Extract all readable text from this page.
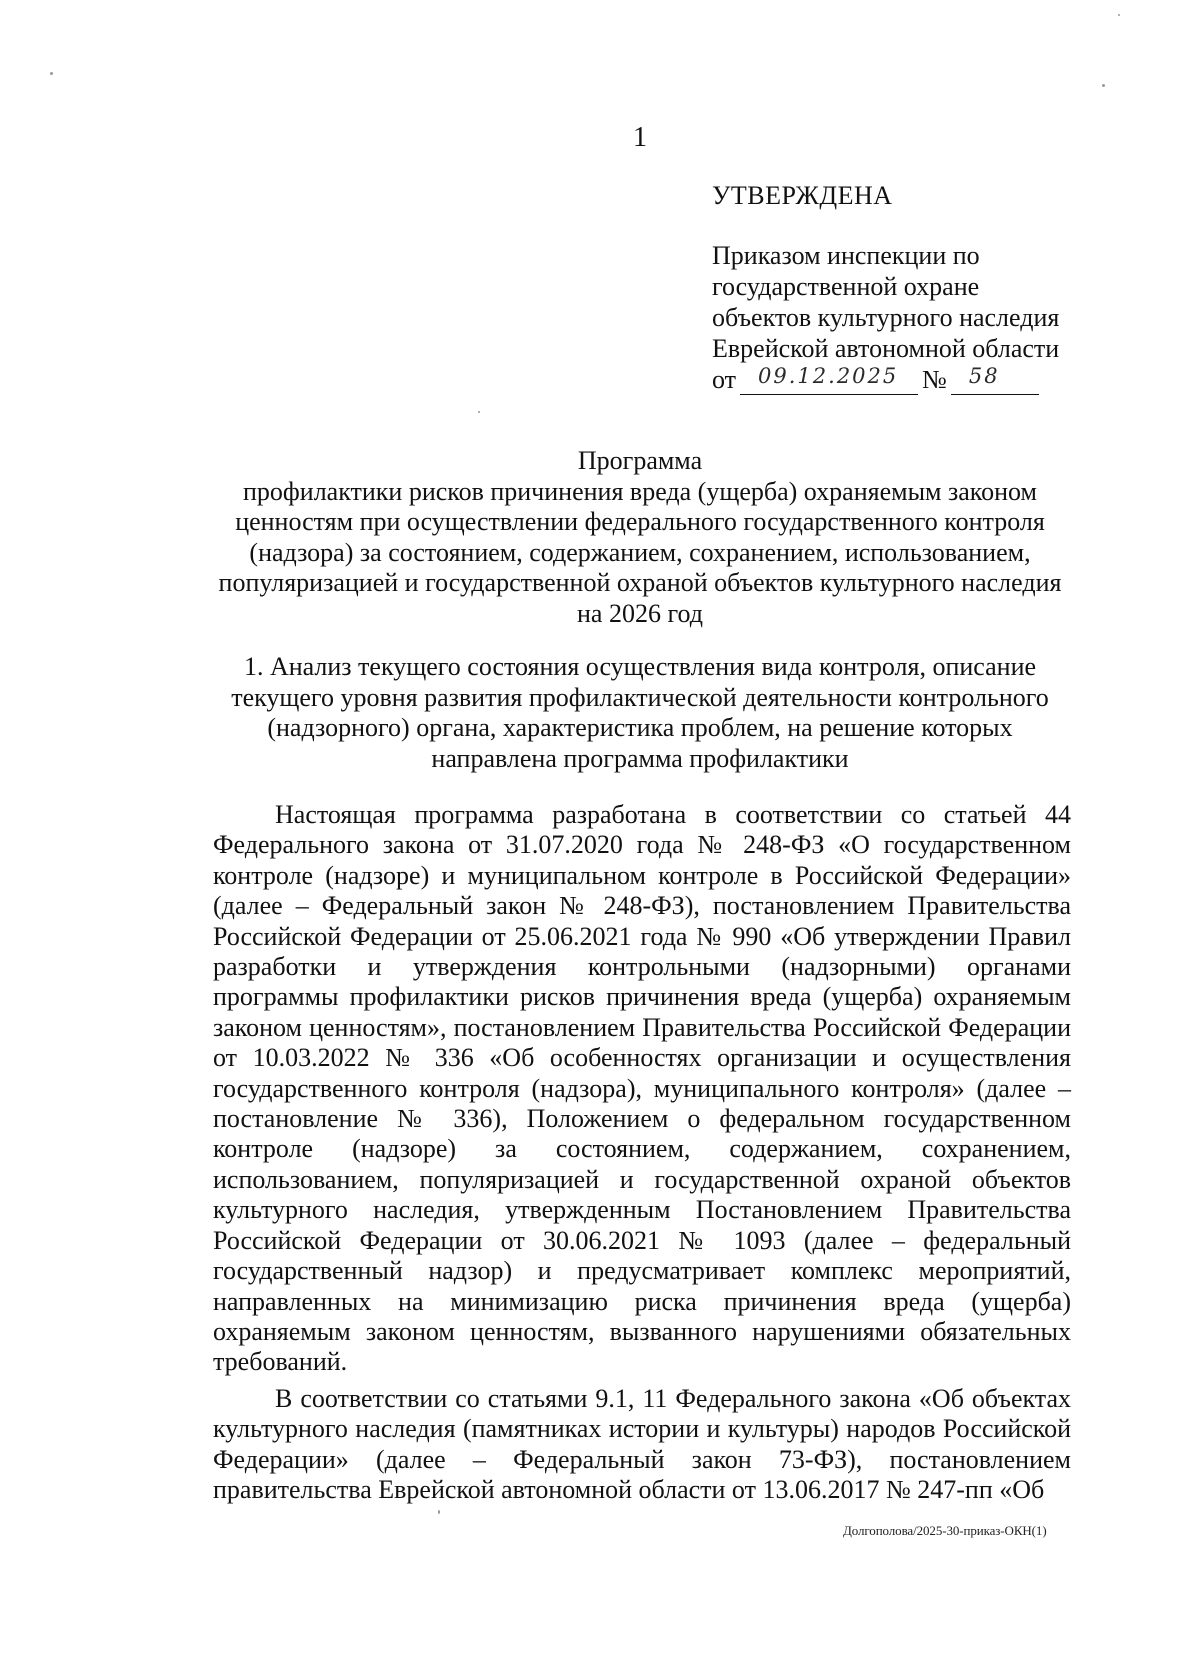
1
УТВЕРЖДЕНА
Приказом инспекции по
государственной охране
объектов культурного наследия
Еврейской автономной области
от 09.12.2025 № 58
Программа
профилактики рисков причинения вреда (ущерба) охраняемым законом
ценностям при осуществлении федерального государственного контроля
(надзора) за состоянием, содержанием, сохранением, использованием,
популяризацией и государственной охраной объектов культурного наследия
на 2026 год
1. Анализ текущего состояния осуществления вида контроля, описание
текущего уровня развития профилактической деятельности контрольного
(надзорного) органа, характеристика проблем, на решение которых
направлена программа профилактики

Настоящая программа разработана в соответствии со статьей 44 Федерального закона от 31.07.2020 года № 248-ФЗ «О государственном контроле (надзоре) и муниципальном контроле в Российской Федерации» (далее – Федеральный закон № 248-ФЗ), постановлением Правительства Российской Федерации от 25.06.2021 года № 990 «Об утверждении Правил разработки и утверждения контрольными (надзорными) органами программы профилактики рисков причинения вреда (ущерба) охраняемым законом ценностям», постановлением Правительства Российской Федерации от 10.03.2022 № 336 «Об особенностях организации и осуществления государственного контроля (надзора), муниципального контроля» (далее – постановление № 336), Положением о федеральном государственном контроле (надзоре) за состоянием, содержанием, сохранением, использованием, популяризацией и государственной охраной объектов культурного наследия, утвержденным Постановлением Правительства Российской Федерации от 30.06.2021 № 1093 (далее – федеральный государственный надзор) и предусматривает комплекс мероприятий, направленных на минимизацию риска причинения вреда (ущерба) охраняемым законом ценностям, вызванного нарушениями обязательных требований.

В соответствии со статьями 9.1, 11 Федерального закона «Об объектах культурного наследия (памятниках истории и культуры) народов Российской Федерации» (далее – Федеральный закон 73-ФЗ), постановлением правительства Еврейской автономной области от 13.06.2017 № 247-пп «Об

Долгополова/2025-30-приказ-ОКН(1)
